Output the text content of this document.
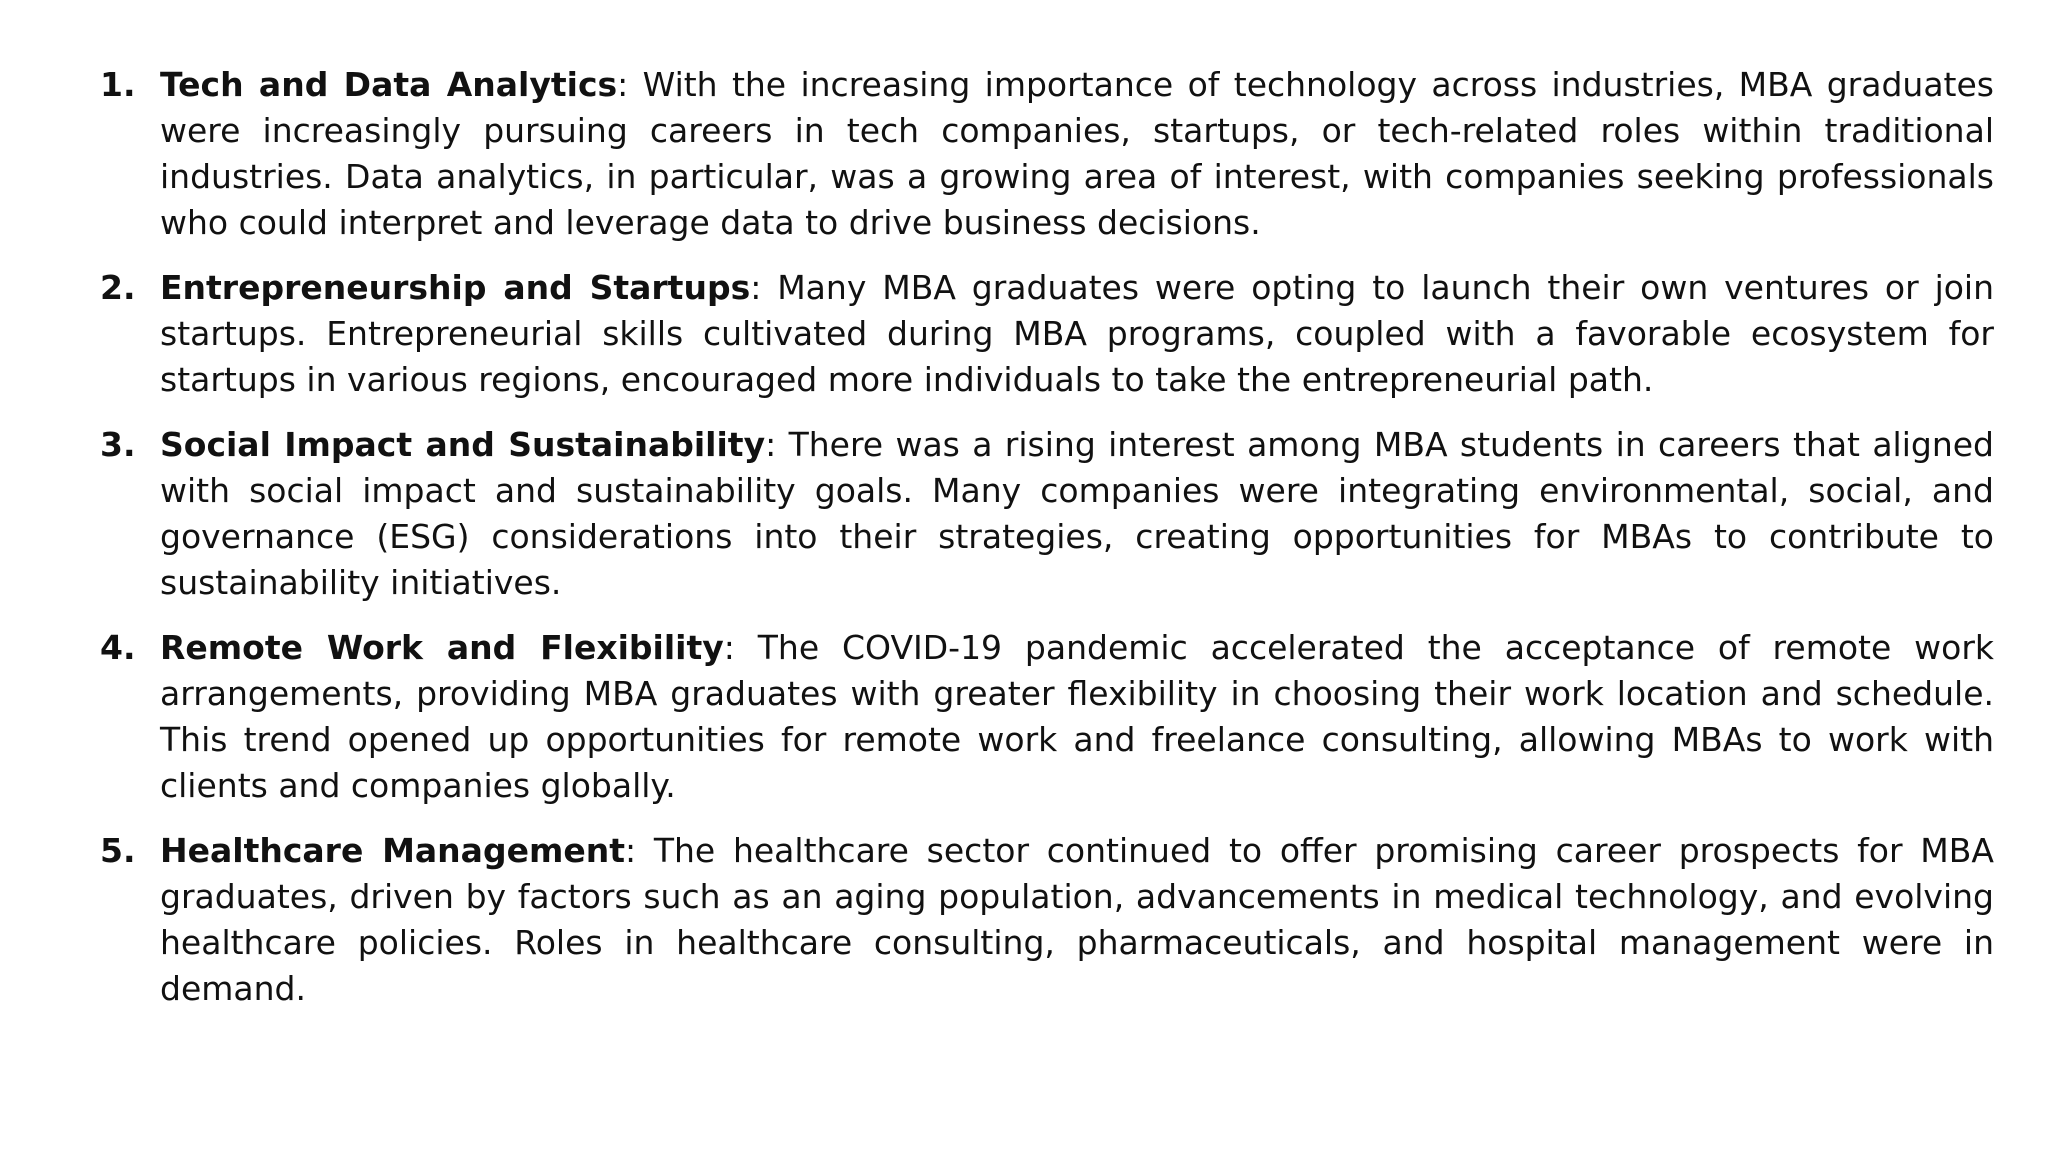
1. Tech and Data Analytics: With the increasing importance of technology across industries, MBA graduates were increasingly pursuing careers in tech companies, startups, or tech-related roles within traditional industries. Data analytics, in particular, was a growing area of interest, with companies seeking professionals who could interpret and leverage data to drive business decisions.
2. Entrepreneurship and Startups: Many MBA graduates were opting to launch their own ventures or join startups. Entrepreneurial skills cultivated during MBA programs, coupled with a favorable ecosystem for startups in various regions, encouraged more individuals to take the entrepreneurial path.
3. Social Impact and Sustainability: There was a rising interest among MBA students in careers that aligned with social impact and sustainability goals. Many companies were integrating environmental, social, and governance (ESG) considerations into their strategies, creating opportunities for MBAs to contribute to sustainability initiatives.
4. Remote Work and Flexibility: The COVID-19 pandemic accelerated the acceptance of remote work arrangements, providing MBA graduates with greater flexibility in choosing their work location and schedule. This trend opened up opportunities for remote work and freelance consulting, allowing MBAs to work with clients and companies globally.
5. Healthcare Management: The healthcare sector continued to offer promising career prospects for MBA graduates, driven by factors such as an aging population, advancements in medical technology, and evolving healthcare policies. Roles in healthcare consulting, pharmaceuticals, and hospital management were in demand.
